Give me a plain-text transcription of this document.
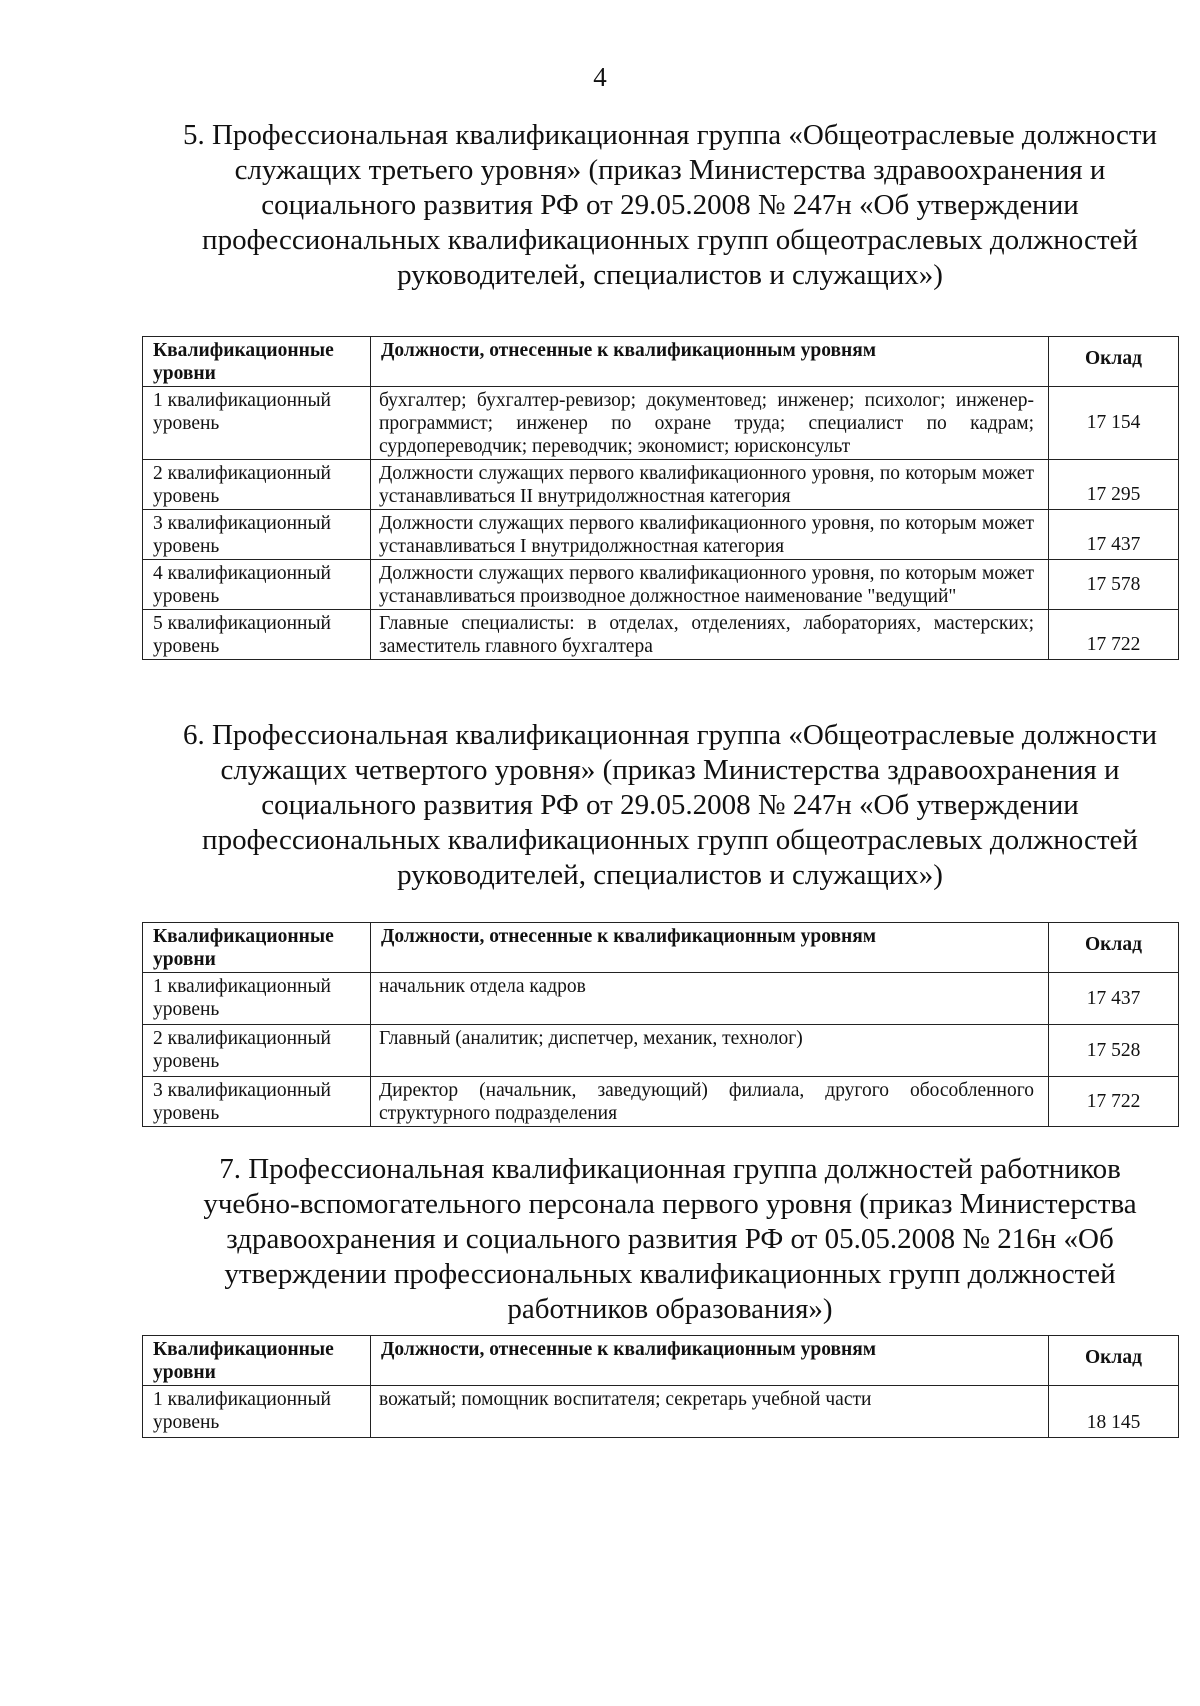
4
5. Профессиональная квалификационная группа «Общеотраслевые должности служащих третьего уровня» (приказ Министерства здравоохранения и социального развития РФ от 29.05.2008 № 247н «Об утверждении профессиональных квалификационных групп общеотраслевых должностей руководителей, специалистов и служащих»)
Квалификационные уровни	Должности, отнесенные к квалификационным уровням	Оклад
1 квалификационный уровень	бухгалтер; бухгалтер-ревизор; документовед; инженер; психолог; инженер-программист; инженер по охране труда; специалист по кадрам; сурдопереводчик; переводчик; экономист; юрисконсульт	17 154
2 квалификационный уровень	Должности служащих первого квалификационного уровня, по которым может устанавливаться II внутридолжностная категория	17 295
3 квалификационный уровень	Должности служащих первого квалификационного уровня, по которым может устанавливаться I внутридолжностная категория	17 437
4 квалификационный уровень	Должности служащих первого квалификационного уровня, по которым может устанавливаться производное должностное наименование "ведущий"	17 578
5 квалификационный уровень	Главные специалисты: в отделах, отделениях, лабораториях, мастерских; заместитель главного бухгалтера	17 722
6. Профессиональная квалификационная группа «Общеотраслевые должности служащих четвертого уровня» (приказ Министерства здравоохранения и социального развития РФ от 29.05.2008 № 247н «Об утверждении профессиональных квалификационных групп общеотраслевых должностей руководителей, специалистов и служащих»)
Квалификационные уровни	Должности, отнесенные к квалификационным уровням	Оклад
1 квалификационный уровень	начальник отдела кадров	17 437
2 квалификационный уровень	Главный (аналитик; диспетчер, механик, технолог)	17 528
3 квалификационный уровень	Директор (начальник, заведующий) филиала, другого обособленного структурного подразделения	17 722
7. Профессиональная квалификационная группа должностей работников учебно-вспомогательного персонала первого уровня (приказ Министерства здравоохранения и социального развития РФ от 05.05.2008 № 216н «Об утверждении профессиональных квалификационных групп должностей работников образования»)
Квалификационные уровни	Должности, отнесенные к квалификационным уровням	Оклад
1 квалификационный уровень	вожатый; помощник воспитателя; секретарь учебной части	18 145
